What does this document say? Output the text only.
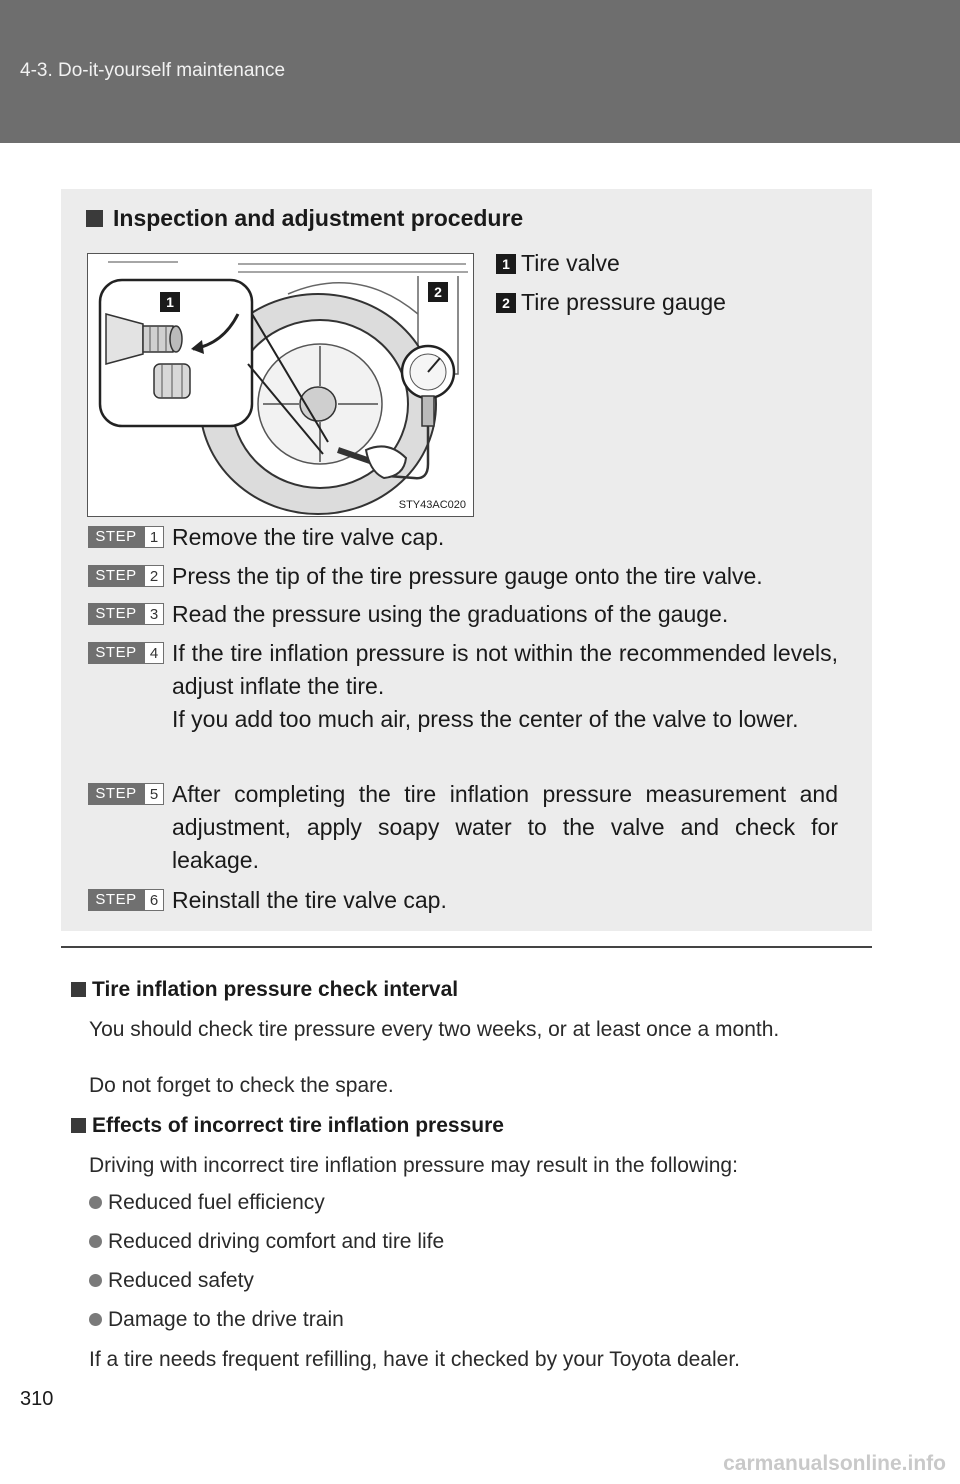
4-3. Do-it-yourself maintenance
Inspection and adjustment procedure
1
2
STY43AC020
1 Tire valve
2 Tire pressure gauge
STEP 1 Remove the tire valve cap.
STEP 2 Press the tip of the tire pressure gauge onto the tire valve.
STEP 3 Read the pressure using the graduations of the gauge.
STEP 4 If the tire inflation pressure is not within the recommended levels, adjust inflate the tire.
If you add too much air, press the center of the valve to lower.
STEP 5 After completing the tire inflation pressure measurement and adjustment, apply soapy water to the valve and check for leakage.
STEP 6 Reinstall the tire valve cap.
Tire inflation pressure check interval
You should check tire pressure every two weeks, or at least once a month.
Do not forget to check the spare.
Effects of incorrect tire inflation pressure
Driving with incorrect tire inflation pressure may result in the following:
Reduced fuel efficiency
Reduced driving comfort and tire life
Reduced safety
Damage to the drive train
If a tire needs frequent refilling, have it checked by your Toyota dealer.
310
carmanualsonline.info
